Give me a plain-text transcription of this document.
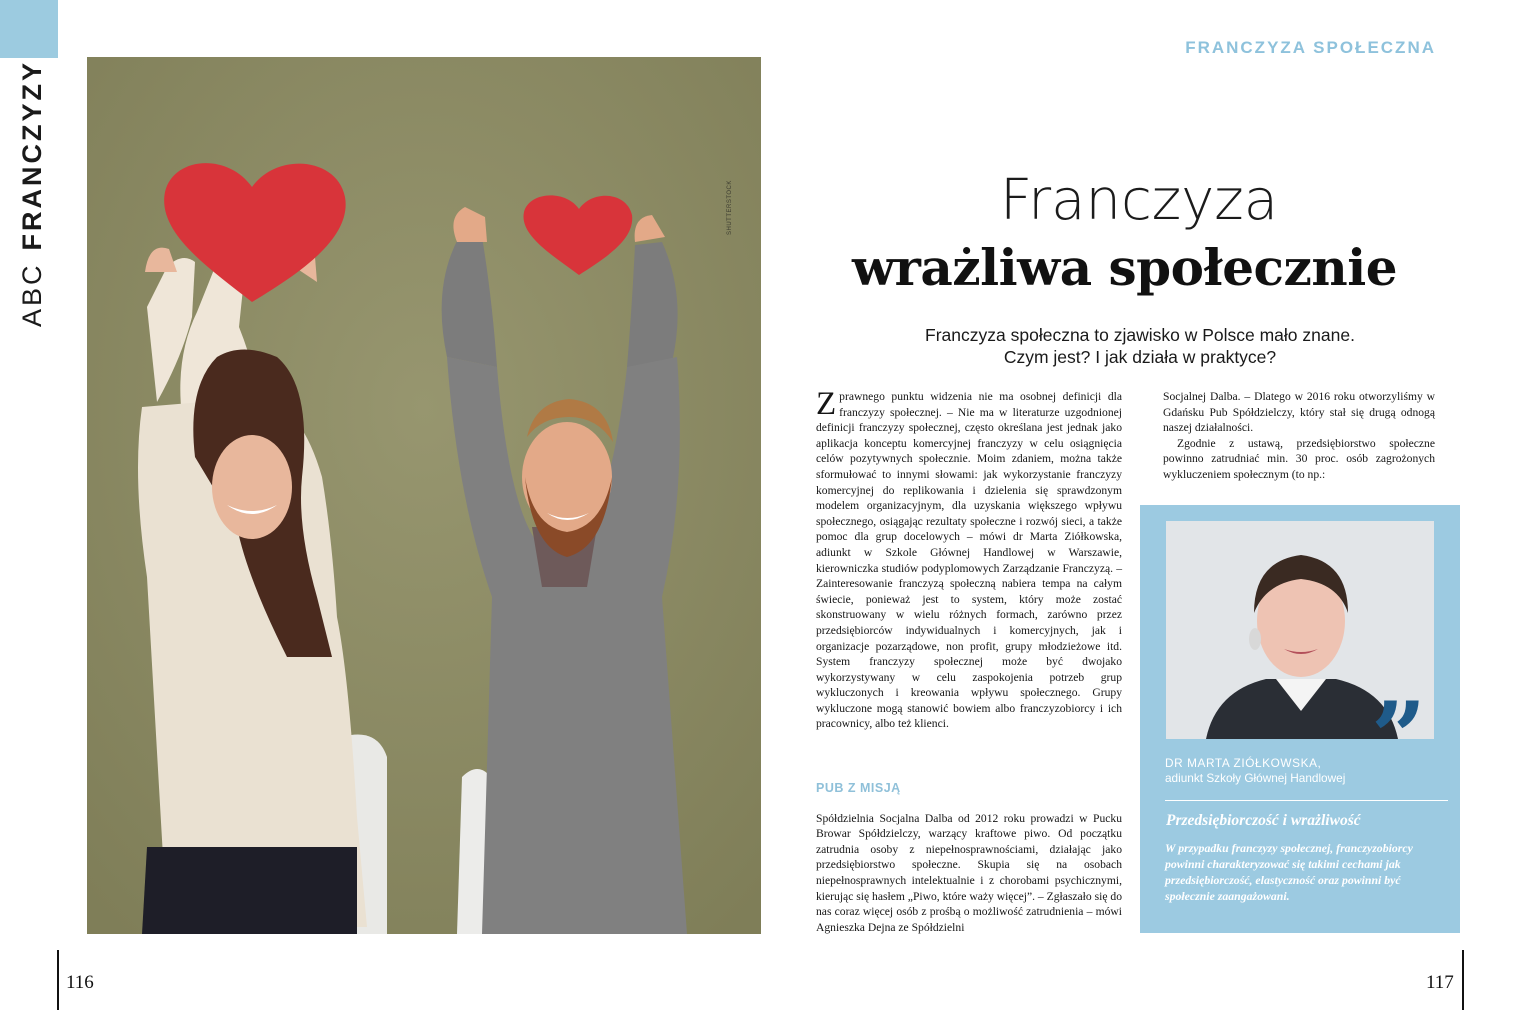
ABC
FRANCZYZY	SHUTTERSTOCK
116
FRANCZYZA SPOŁECZNA
Franczyza
wrażliwa społecznie
Franczyza społeczna to zjawisko w Polsce mało znane.
Czym jest? I jak działa w praktyce?

Z prawnego punktu widzenia nie ma osobnej definicji dla franczyzy społecznej. – Nie ma w literaturze uzgodnionej definicji franczyzy społecznej, często określana jest jednak jako aplikacja konceptu komercyjnej franczyzy w celu osiągnięcia celów pozytywnych społecznie. Moim zdaniem, można także sformułować to innymi słowami: jak wykorzystanie franczyzy komercyjnej do replikowania i dzielenia się sprawdzonym modelem organizacyjnym, dla uzyskania większego wpływu społecznego, osiągając rezultaty społeczne i rozwój sieci, a także pomoc dla grup docelowych – mówi dr Marta Ziółkowska, adiunkt w Szkole Głównej Handlowej w Warszawie, kierowniczka studiów podyplomowych Zarządzanie Franczyzą. – Zainteresowanie franczyzą społeczną nabiera tempa na całym świecie, ponieważ jest to system, który może zostać skonstruowany w wielu różnych formach, zarówno przez przedsiębiorców indywidualnych i komercyjnych, jak i organizacje pozarządowe, non profit, grupy młodzieżowe itd. System franczyzy społecznej może być dwojako wykorzystywany w celu zaspokojenia potrzeb grup wykluczonych i kreowania wpływu społecznego. Grupy wykluczone mogą stanowić bowiem albo franczyzobiorcy i ich pracownicy, albo też klienci.

PUB Z MISJĄ

Spółdzielnia Socjalna Dalba od 2012 roku prowadzi w Pucku Browar Spółdzielczy, warzący kraftowe piwo. Od początku zatrudnia osoby z niepełnosprawnościami, działając jako przedsiębiorstwo społeczne. Skupia się na osobach niepełnosprawnych intelektualnie i z chorobami psychicznymi, kierując się hasłem „Piwo, które waży więcej”. – Zgłaszało się do nas coraz więcej osób z prośbą o możliwość zatrudnienia – mówi Agnieszka Dejna ze Spółdzielni

Socjalnej Dalba. – Dlatego w 2016 roku otworzyliśmy w Gdańsku Pub Spółdzielczy, który stał się drugą odnogą naszej działalności.

Zgodnie z ustawą, przedsiębiorstwo społeczne powinno zatrudniać min. 30 proc. osób zagrożonych wykluczeniem społecznym (to np.:

”
DR MARTA ZIÓŁKOWSKA,
adiunkt Szkoły Głównej Handlowej
Przedsiębiorczość i wrażliwość
W przypadku franczyzy społecznej, franczyzobiorcy powinni charakteryzować się takimi cechami jak przedsiębiorczość, elastyczność oraz powinni być społecznie zaangażowani.
117
